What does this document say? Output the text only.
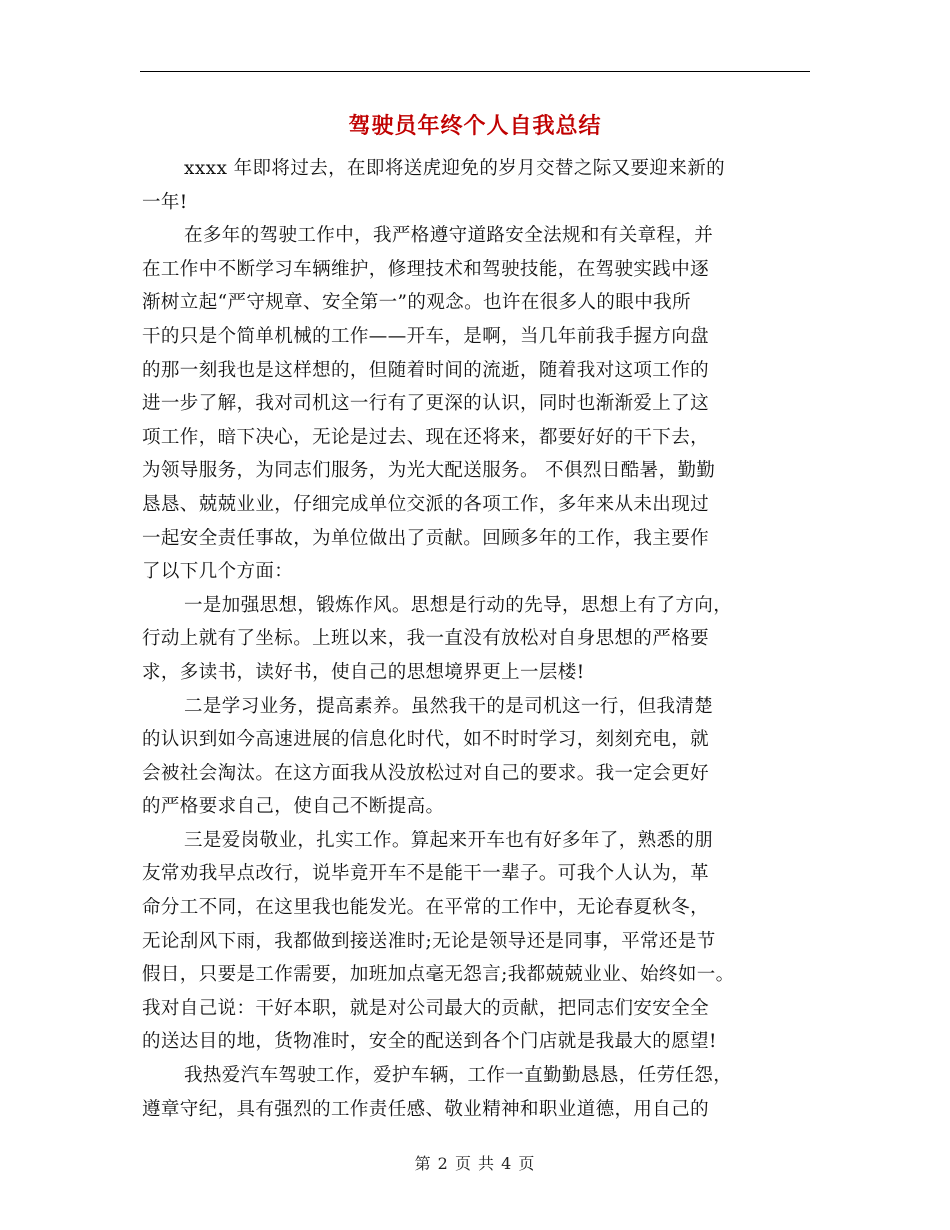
驾驶员年终个人自我总结
xxxx 年即将过去，在即将送虎迎免的岁月交替之际又要迎来新的
一年!
在多年的驾驶工作中，我严格遵守道路安全法规和有关章程，并
在工作中不断学习车辆维护，修理技术和驾驶技能，在驾驶实践中逐
渐树立起“严守规章、安全第一”的观念。也许在很多人的眼中我所
干的只是个简单机械的工作——开车，是啊，当几年前我手握方向盘
的那一刻我也是这样想的，但随着时间的流逝，随着我对这项工作的
进一步了解，我对司机这一行有了更深的认识，同时也渐渐爱上了这
项工作，暗下决心，无论是过去、现在还将来，都要好好的干下去，
为领导服务，为同志们服务，为光大配送服务。 不俱烈日酷暑，勤勤
恳恳、兢兢业业，仔细完成单位交派的各项工作，多年来从未出现过
一起安全责任事故，为单位做出了贡献。回顾多年的工作，我主要作
了以下几个方面：
一是加强思想，锻炼作风。思想是行动的先导，思想上有了方向，
行动上就有了坐标。上班以来，我一直没有放松对自身思想的严格要
求，多读书，读好书，使自己的思想境界更上一层楼!
二是学习业务，提高素养。虽然我干的是司机这一行，但我清楚
的认识到如今高速进展的信息化时代，如不时时学习，刻刻充电，就
会被社会淘汰。在这方面我从没放松过对自己的要求。我一定会更好
的严格要求自己，使自己不断提高。
三是爱岗敬业，扎实工作。算起来开车也有好多年了，熟悉的朋
友常劝我早点改行，说毕竟开车不是能干一辈子。可我个人认为，革
命分工不同，在这里我也能发光。在平常的工作中，无论春夏秋冬，
无论刮风下雨，我都做到接送准时;无论是领导还是同事，平常还是节
假日，只要是工作需要，加班加点毫无怨言;我都兢兢业业、始终如一。
我对自己说：干好本职，就是对公司最大的贡献，把同志们安安全全
的送达目的地，货物准时，安全的配送到各个门店就是我最大的愿望!
我热爱汽车驾驶工作，爱护车辆，工作一直勤勤恳恳，任劳任怨，
遵章守纪，具有强烈的工作责任感、敬业精神和职业道德，用自己的
第 2 页 共 4 页
